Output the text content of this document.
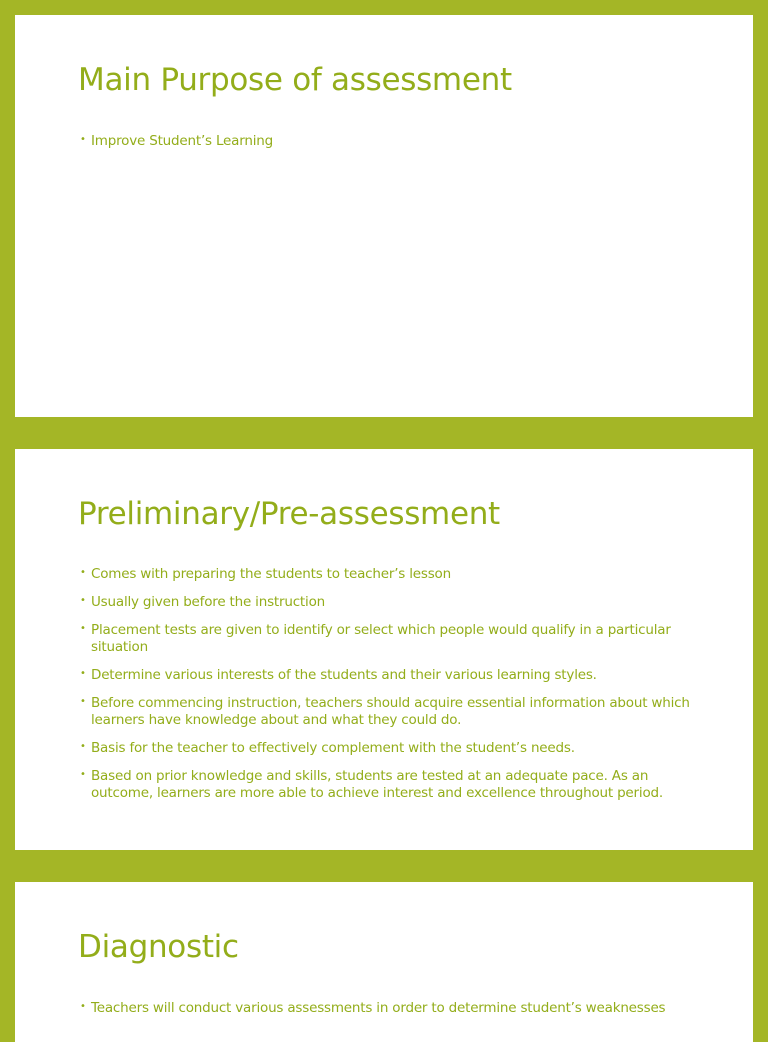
Main Purpose of assessment
• Improve Student’s Learning
Preliminary/Pre-assessment
• Comes with preparing the students to teacher’s lesson
• Usually given before the instruction
• Placement tests are given to identify or select which people would qualify in a particular situation
• Determine various interests of the students and their various learning styles.
• Before commencing instruction, teachers should acquire essential information about which learners have knowledge about and what they could do.
• Basis for the teacher to effectively complement with the student’s needs.
• Based on prior knowledge and skills, students are tested at an adequate pace. As an outcome, learners are more able to achieve interest and excellence throughout period.
Diagnostic
• Teachers will conduct various assessments in order to determine student’s weaknesses
